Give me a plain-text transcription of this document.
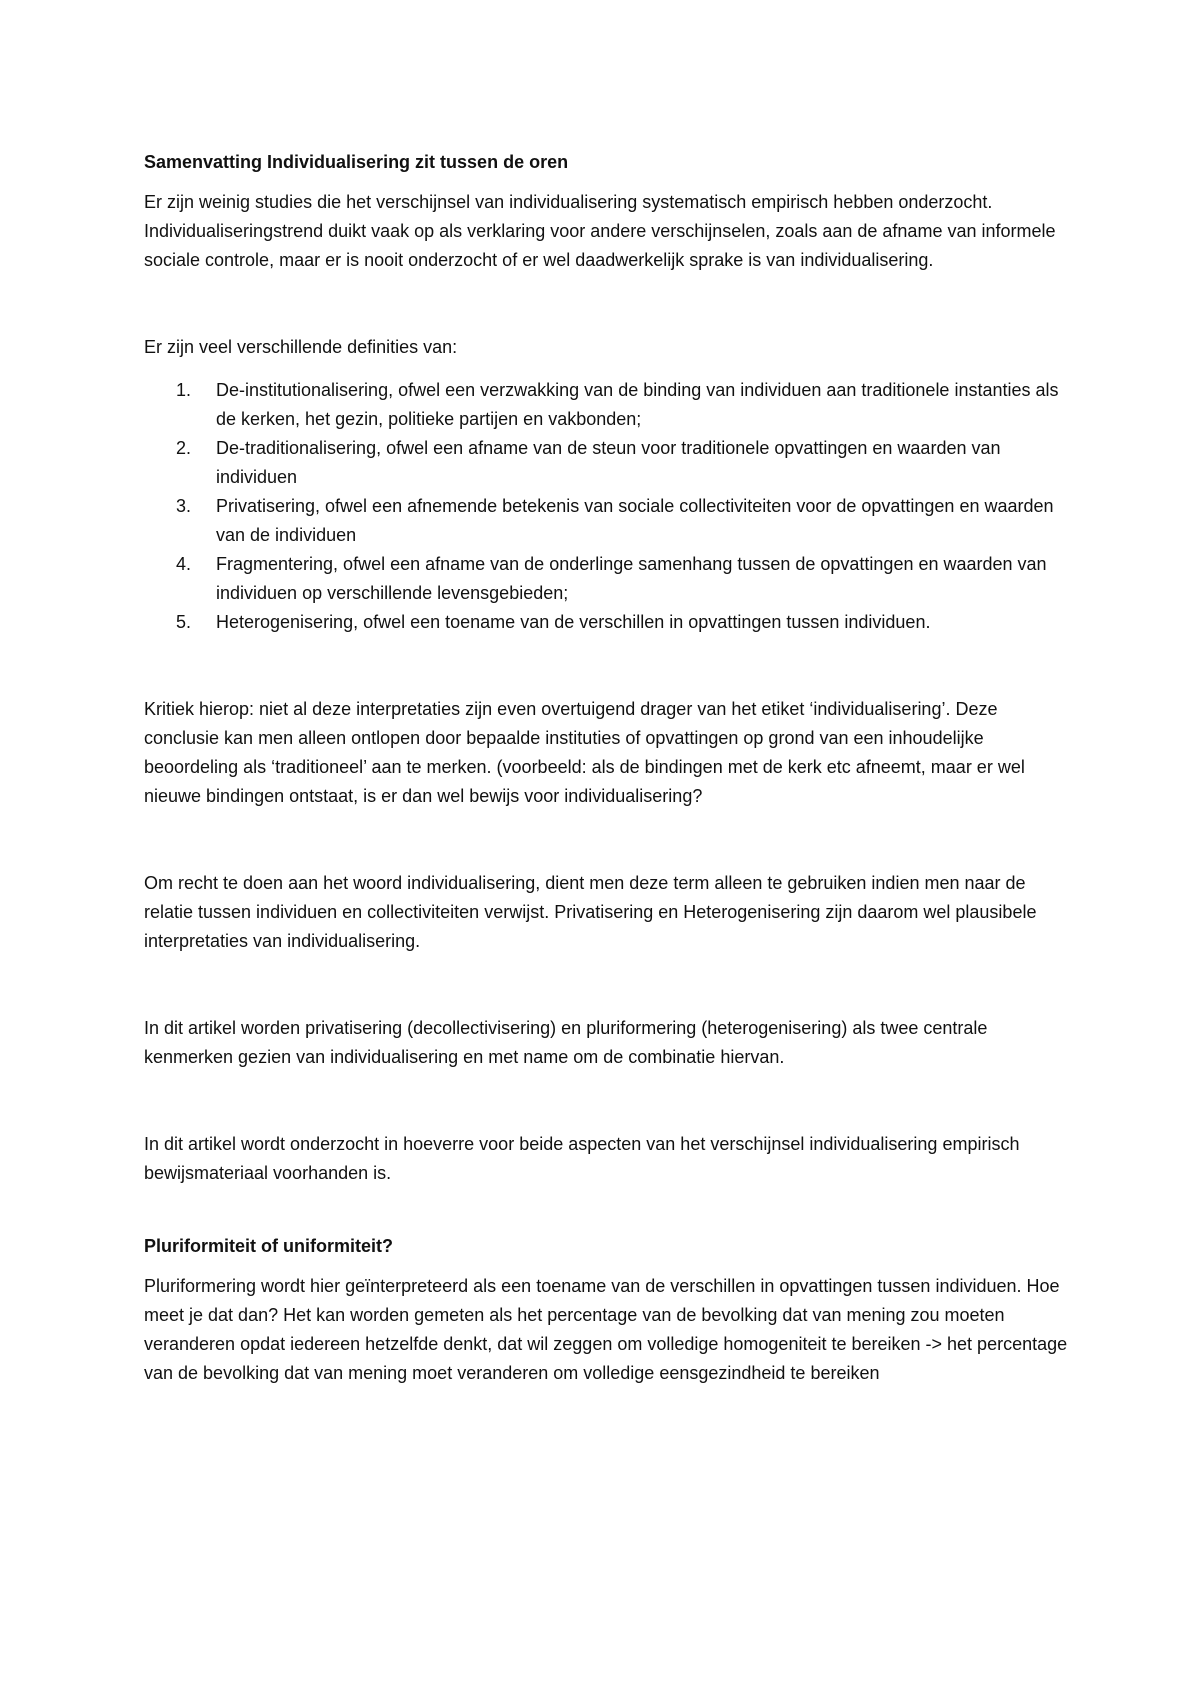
Samenvatting Individualisering zit tussen de oren

Er zijn weinig studies die het verschijnsel van individualisering systematisch empirisch hebben onderzocht. Individualiseringstrend duikt vaak op als verklaring voor andere verschijnselen, zoals aan de afname van informele sociale controle, maar er is nooit onderzocht of er wel daadwerkelijk sprake is van individualisering.

Er zijn veel verschillende definities van:

1. De-institutionalisering, ofwel een verzwakking van de binding van individuen aan traditionele instanties als de kerken, het gezin, politieke partijen en vakbonden;
2. De-traditionalisering, ofwel een afname van de steun voor traditionele opvattingen en waarden van individuen
3. Privatisering, ofwel een afnemende betekenis van sociale collectiviteiten voor de opvattingen en waarden van de individuen
4. Fragmentering, ofwel een afname van de onderlinge samenhang tussen de opvattingen en waarden van individuen op verschillende levensgebieden;
5. Heterogenisering, ofwel een toename van de verschillen in opvattingen tussen individuen.

Kritiek hierop: niet al deze interpretaties zijn even overtuigend drager van het etiket ‘individualisering’. Deze conclusie kan men alleen ontlopen door bepaalde instituties of opvattingen op grond van een inhoudelijke beoordeling als ‘traditioneel’ aan te merken. (voorbeeld: als de bindingen met de kerk etc afneemt, maar er wel nieuwe bindingen ontstaat, is er dan wel bewijs voor individualisering?

Om recht te doen aan het woord individualisering, dient men deze term alleen te gebruiken indien men naar de relatie tussen individuen en collectiviteiten verwijst. Privatisering en Heterogenisering zijn daarom wel plausibele interpretaties van individualisering.

In dit artikel worden privatisering (decollectivisering) en pluriformering (heterogenisering) als twee centrale kenmerken gezien van individualisering en met name om de combinatie hiervan.

In dit artikel wordt onderzocht in hoeverre voor beide aspecten van het verschijnsel individualisering empirisch bewijsmateriaal voorhanden is.

Pluriformiteit of uniformiteit?

Pluriformering wordt hier geïnterpreteerd als een toename van de verschillen in opvattingen tussen individuen. Hoe meet je dat dan? Het kan worden gemeten als het percentage van de bevolking dat van mening zou moeten veranderen opdat iedereen hetzelfde denkt, dat wil zeggen om volledige homogeniteit te bereiken -> het percentage van de bevolking dat van mening moet veranderen om volledige eensgezindheid te bereiken
